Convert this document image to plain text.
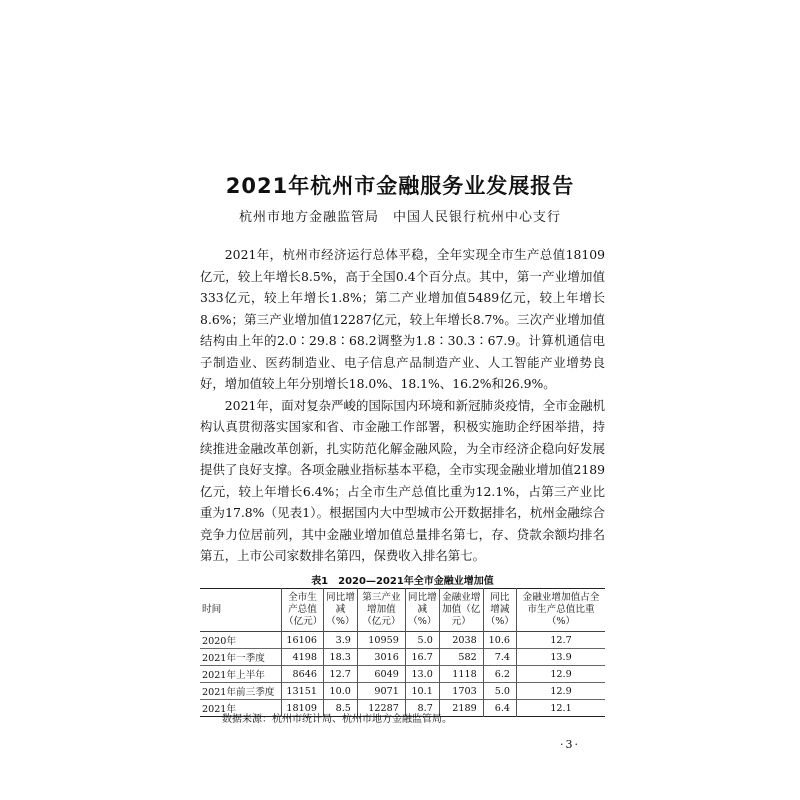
2021年杭州市金融服务业发展报告
杭州市地方金融监管局　中国人民银行杭州中心支行

2021年，杭州市经济运行总体平稳，全年实现全市生产总值18109亿元，较上年增长8.5%，高于全国0.4个百分点。其中，第一产业增加值333亿元，较上年增长1.8%；第二产业增加值5489亿元，较上年增长8.6%；第三产业增加值12287亿元，较上年增长8.7%。三次产业增加值结构由上年的2.0∶29.8∶68.2调整为1.8∶30.3∶67.9。计算机通信电子制造业、医药制造业、电子信息产品制造产业、人工智能产业增势良好，增加值较上年分别增长18.0%、18.1%、16.2%和26.9%。

2021年，面对复杂严峻的国际国内环境和新冠肺炎疫情，全市金融机构认真贯彻落实国家和省、市金融工作部署，积极实施助企纾困举措，持续推进金融改革创新，扎实防范化解金融风险，为全市经济企稳向好发展提供了良好支撑。各项金融业指标基本平稳，全市实现金融业增加值2189亿元，较上年增长6.4%；占全市生产总值比重为12.1%，占第三产业比重为17.8%（见表1）。根据国内大中型城市公开数据排名，杭州金融综合竞争力位居前列，其中金融业增加值总量排名第七，存、贷款余额均排名第五，上市公司家数排名第四，保费收入排名第七。

表1　2020—2021年全市金融业增加值
时间	全市生产总值（亿元）	同比增减（%）	第三产业增加值（亿元）	同比增减（%）	金融业增加值（亿元）	同比增减（%）	金融业增加值占全市生产总值比重（%）
2020年	16106	3.9	10959	5.0	2038	10.6	12.7
2021年一季度	4198	18.3	3016	16.7	582	7.4	13.9
2021年上半年	8646	12.7	6049	13.0	1118	6.2	12.9
2021年前三季度	13151	10.0	9071	10.1	1703	5.0	12.9
2021年	18109	8.5	12287	8.7	2189	6.4	12.1
数据来源：杭州市统计局、杭州市地方金融监管局。
·3·
